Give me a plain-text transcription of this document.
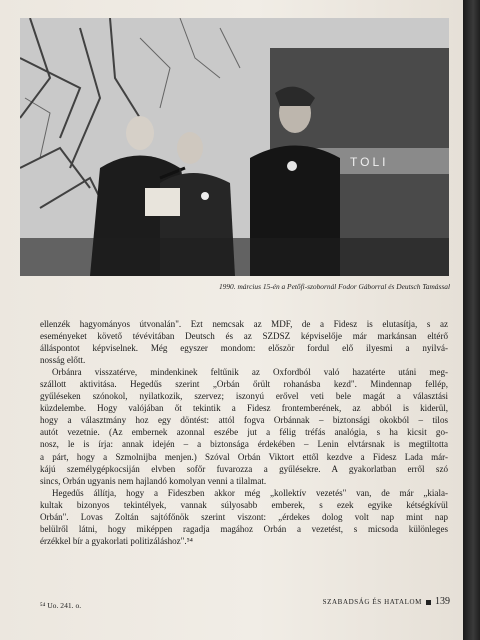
TOLI
1990. március 15-én a Petőfi-szobornál Fodor Gáborral és Deutsch Tamással

ellenzék hagyományos útvonalán". Ezt nemcsak az MDF, de a Fidesz is elutasítja, s az

eseményeket követő tévévitában Deutsch és az SZDSZ képviselője már markánsan eltérő

álláspontot képviselnek. Még egyszer mondom: először fordul elő ilyesmi a nyilvá-

nosság előtt.

Orbánra visszatérve, mindenkinek feltűnik az Oxfordból való hazatérte utáni meg-

szállott aktivitása. Hegedűs szerint „Orbán őrült rohanásba kezd". Mindennap fellép,

gyűléseken szónokol, nyilatkozik, szervez; iszonyú erővel veti bele magát a választási

küzdelembe. Hogy valójában őt tekintik a Fidesz frontemberének, az abból is kiderül,

hogy a választmány hoz egy döntést: attól fogva Orbánnak – biztonsági okokból – tilos

autót vezetnie. (Az embernek azonnal eszébe jut a félig tréfás analógia, s ha kicsit go-

nosz, le is írja: annak idején – a biztonsága érdekében – Lenin elvtársnak is megtiltotta

a párt, hogy a Szmolnijba menjen.) Szóval Orbán Viktort ettől kezdve a Fidesz Lada már-

kájú személygépkocsiján elvben sofőr fuvarozza a gyűlésekre. A gyakorlatban erről szó

sincs, Orbán ugyanis nem hajlandó komolyan venni a tilalmat.

Hegedűs állítja, hogy a Fideszben akkor még „kollektív vezetés" van, de már „kiala-

kultak bizonyos tekintélyek, vannak súlyosabb emberek, s ezek egyike kétségkívül

Orbán". Lovas Zoltán sajtófőnök szerint viszont: „érdekes dolog volt nap mint nap

belülről látni, hogy miképpen ragadja magához Orbán a vezetést, s micsoda különleges

érzékkel bír a gyakorlati politizáláshoz".⁵⁴

⁵⁴ Uo. 241. o.	SZABADSÁG ÉS HATALOM 139
